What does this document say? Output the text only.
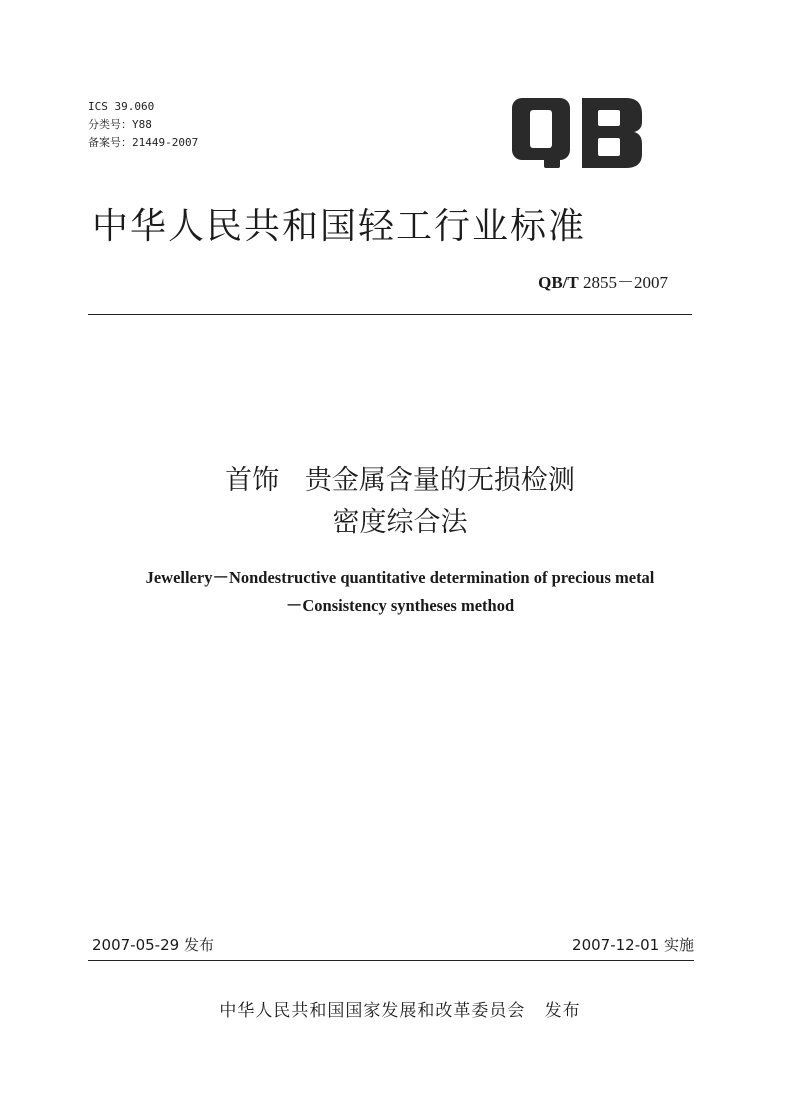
ICS 39.060
分类号：Y88
备案号：21449-2007
QB
中华人民共和国轻工行业标准
QB/T 2855－2007
首饰   贵金属含量的无损检测
密度综合法
Jewellery－Nondestructive quantitative determination of precious metal
－Consistency syntheses method
2007-05-29 发布	2007-12-01 实施
中华人民共和国国家发展和改革委员会   发布
